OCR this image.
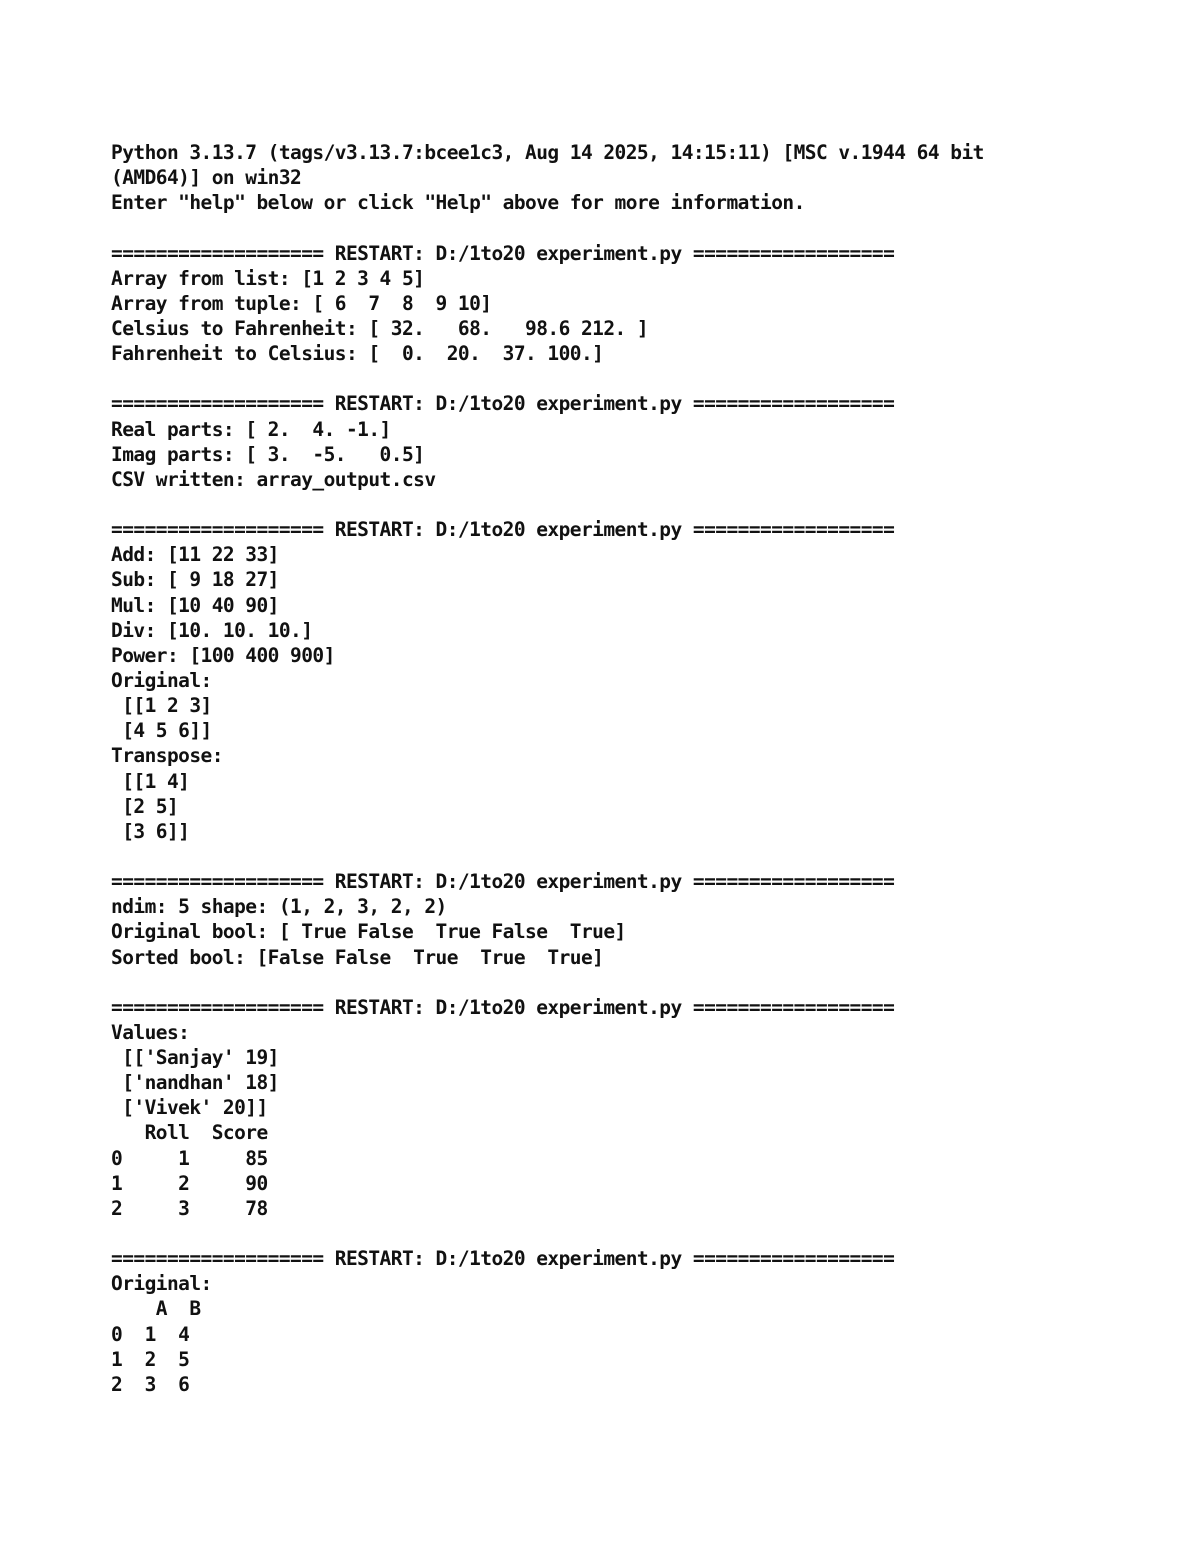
Python 3.13.7 (tags/v3.13.7:bcee1c3, Aug 14 2025, 14:15:11) [MSC v.1944 64 bit
(AMD64)] on win32
Enter "help" below or click "Help" above for more information.
=================== RESTART: D:/1to20 experiment.py ==================
Array from list: [1 2 3 4 5]
Array from tuple: [ 6  7  8  9 10]
Celsius to Fahrenheit: [ 32.   68.   98.6 212. ]
Fahrenheit to Celsius: [  0.  20.  37. 100.]
=================== RESTART: D:/1to20 experiment.py ==================
Real parts: [ 2.  4. -1.]
Imag parts: [ 3.  -5.   0.5]
CSV written: array_output.csv
=================== RESTART: D:/1to20 experiment.py ==================
Add: [11 22 33]
Sub: [ 9 18 27]
Mul: [10 40 90]
Div: [10. 10. 10.]
Power: [100 400 900]
Original:
[[1 2 3]
[4 5 6]]
Transpose:
[[1 4]
[2 5]
[3 6]]
=================== RESTART: D:/1to20 experiment.py ==================
ndim: 5 shape: (1, 2, 3, 2, 2)
Original bool: [ True False  True False  True]
Sorted bool: [False False  True  True  True]
=================== RESTART: D:/1to20 experiment.py ==================
Values:
[['Sanjay' 19]
['nandhan' 18]
['Vivek' 20]]
Roll  Score
0     1     85
1     2     90
2     3     78
=================== RESTART: D:/1to20 experiment.py ==================
Original:
A  B
0  1  4
1  2  5
2  3  6
